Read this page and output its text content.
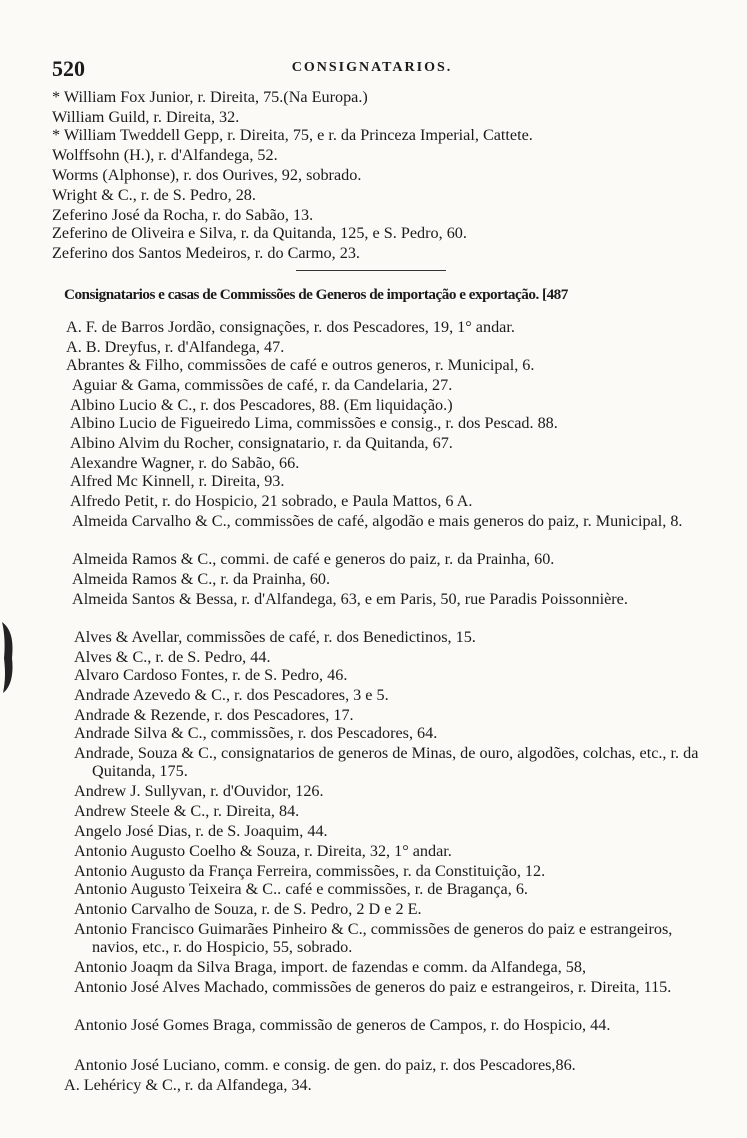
520	CONSIGNATARIOS.
* William Fox Junior, r. Direita, 75.(Na Europa.)
William Guild, r. Direita, 32.
* William Tweddell Gepp, r. Direita, 75, e r. da Princeza Imperial, Cattete.
Wolffsohn (H.), r. d'Alfandega, 52.
Worms (Alphonse), r. dos Ourives, 92, sobrado.
Wright & C., r. de S. Pedro, 28.
Zeferino José da Rocha, r. do Sabão, 13.
Zeferino de Oliveira e Silva, r. da Quitanda, 125, e S. Pedro, 60.
Zeferino dos Santos Medeiros, r. do Carmo, 23.
Consignatarios e casas de Commissões de Generos de importação e exportação. [487
A. F. de Barros Jordão, consignações, r. dos Pescadores, 19, 1° andar.
A. B. Dreyfus, r. d'Alfandega, 47.
Abrantes & Filho, commissões de café e outros generos, r. Municipal, 6.
Aguiar & Gama, commissões de café, r. da Candelaria, 27.
Albino Lucio & C., r. dos Pescadores, 88. (Em liquidação.)
Albino Lucio de Figueiredo Lima, commissões e consig., r. dos Pescad. 88.
Albino Alvim du Rocher, consignatario, r. da Quitanda, 67.
Alexandre Wagner, r. do Sabão, 66.
Alfred Mc Kinnell, r. Direita, 93.
Alfredo Petit, r. do Hospicio, 21 sobrado, e Paula Mattos, 6 A.
Almeida Carvalho & C., commissões de café, algodão e mais generos do paiz, r. Municipal, 8.
Almeida Ramos & C., commi. de café e generos do paiz, r. da Prainha, 60.
Almeida Ramos & C., r. da Prainha, 60.
Almeida Santos & Bessa, r. d'Alfandega, 63, e em Paris, 50, rue Paradis Poissonnière.
Alves & Avellar, commissões de café, r. dos Benedictinos, 15.
Alves & C., r. de S. Pedro, 44.
Alvaro Cardoso Fontes, r. de S. Pedro, 46.
Andrade Azevedo & C., r. dos Pescadores, 3 e 5.
Andrade & Rezende, r. dos Pescadores, 17.
Andrade Silva & C., commissões, r. dos Pescadores, 64.
Andrade, Souza & C., consignatarios de generos de Minas, de ouro, algodões, colchas, etc., r. da Quitanda, 175.
Andrew J. Sullyvan, r. d'Ouvidor, 126.
Andrew Steele & C., r. Direita, 84.
Angelo José Dias, r. de S. Joaquim, 44.
Antonio Augusto Coelho & Souza, r. Direita, 32, 1° andar.
Antonio Augusto da França Ferreira, commissões, r. da Constituição, 12.
Antonio Augusto Teixeira & C.. café e commissões, r. de Bragança, 6.
Antonio Carvalho de Souza, r. de S. Pedro, 2 D e 2 E.
Antonio Francisco Guimarães Pinheiro & C., commissões de generos do paiz e estrangeiros, navios, etc., r. do Hospicio, 55, sobrado.
Antonio Joaqm da Silva Braga, import. de fazendas e comm. da Alfandega, 58,
Antonio José Alves Machado, commissões de generos do paiz e estrangeiros, r. Direita, 115.
Antonio José Gomes Braga, commissão de generos de Campos, r. do Hospicio, 44.
Antonio José Luciano, comm. e consig. de gen. do paiz, r. dos Pescadores,86.
A. Lehéricy & C., r. da Alfandega, 34.
